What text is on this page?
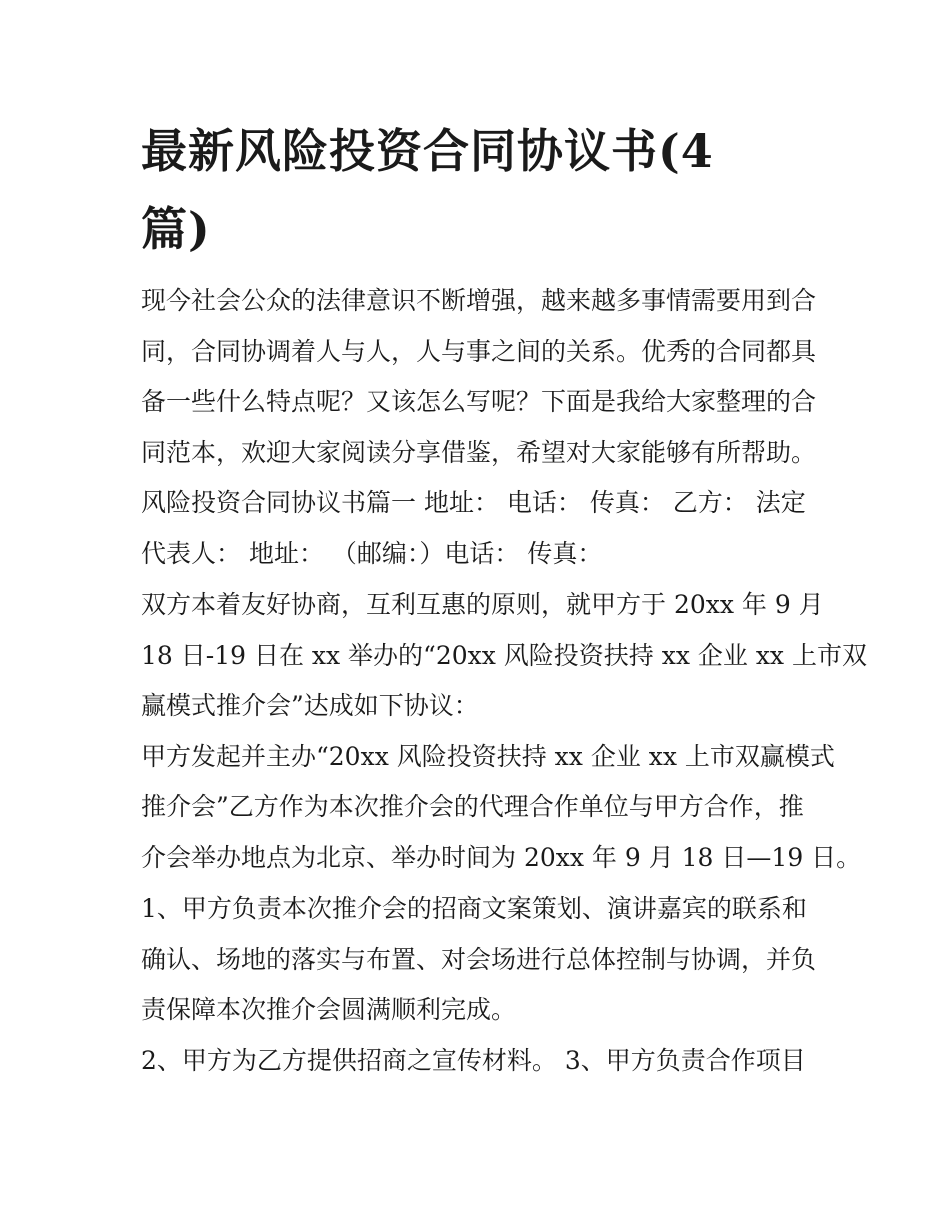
最新风险投资合同协议书(4篇)

现今社会公众的法律意识不断增强，越来越多事情需要用到合

同，合同协调着人与人，人与事之间的关系。优秀的合同都具

备一些什么特点呢？又该怎么写呢？下面是我给大家整理的合

同范本，欢迎大家阅读分享借鉴，希望对大家能够有所帮助。

风险投资合同协议书篇一 地址： 电话： 传真： 乙方： 法定

代表人： 地址： （邮编：）电话： 传真：

双方本着友好协商，互利互惠的原则，就甲方于 20xx 年 9 月

18 日-19 日在 xx 举办的“20xx 风险投资扶持 xx 企业 xx 上市双

赢模式推介会”达成如下协议：

甲方发起并主办“20xx 风险投资扶持 xx 企业 xx 上市双赢模式

推介会”乙方作为本次推介会的代理合作单位与甲方合作，推

介会举办地点为北京、举办时间为 20xx 年 9 月 18 日—19 日。

1、甲方负责本次推介会的招商文案策划、演讲嘉宾的联系和

确认、场地的落实与布置、对会场进行总体控制与协调，并负

责保障本次推介会圆满顺利完成。

2、甲方为乙方提供招商之宣传材料。 3、甲方负责合作项目
